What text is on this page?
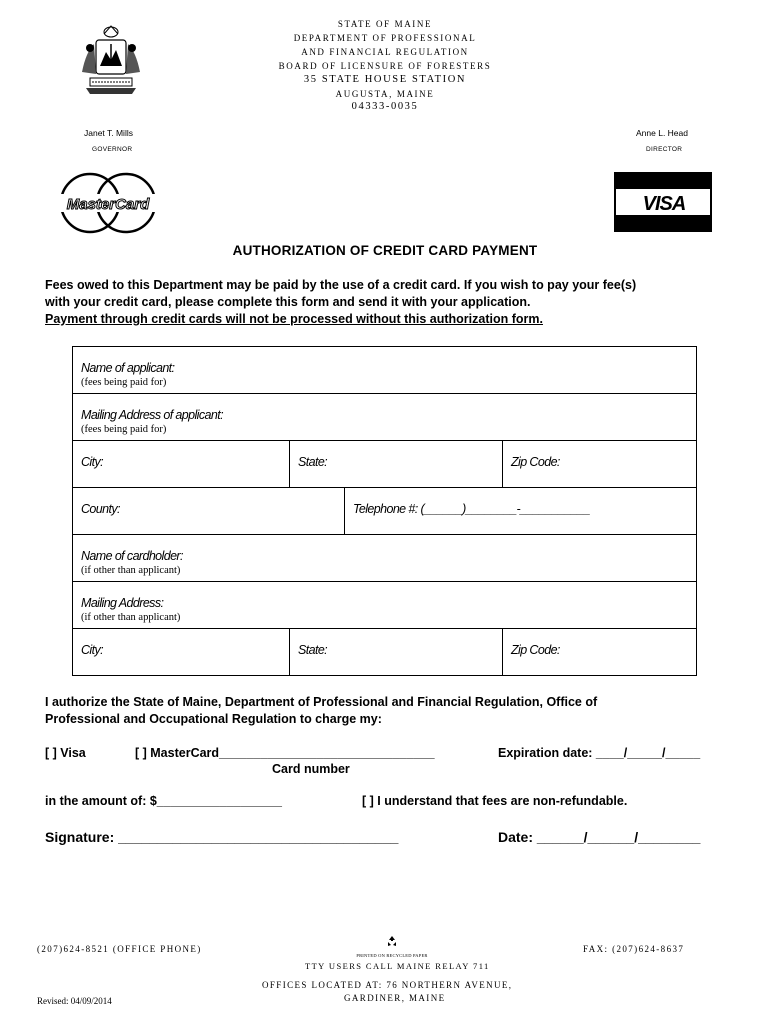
STATE OF MAINE
DEPARTMENT OF PROFESSIONAL
AND FINANCIAL REGULATION
BOARD OF LICENSURE OF FORESTERS
35 STATE HOUSE STATION
AUGUSTA, MAINE
04333-0035
Janet T. Mills
GOVERNOR
Anne L. Head
DIRECTOR
MasterCard	VISA
AUTHORIZATION OF CREDIT CARD PAYMENT
Fees owed to this Department may be paid by the use of a credit card. If you wish to pay your fee(s)
with your credit card, please complete this form and send it with your application.
Payment through credit cards will not be processed without this authorization form.
Name of applicant:
(fees being paid for)
Mailing Address of applicant:
(fees being paid for)
City:	State:	Zip Code:
County:	Telephone #: (______)________-___________
Name of cardholder:
(if other than applicant)
Mailing Address:
(if other than applicant)
City:	State:	Zip Code:
I authorize the State of Maine, Department of Professional and Financial Regulation, Office of
Professional and Occupational Regulation to charge my:
[ ] Visa	[ ] MasterCard_______________________________	Expiration date: ____/_____/_____
Card number
in the amount of: $__________________	[ ] I understand that fees are non-refundable.
Signature: ____________________________________	Date: ______/______/________
(207)624-8521 (OFFICE PHONE)
PRINTED ON RECYCLED PAPER
TTY USERS CALL MAINE RELAY 711
FAX: (207)624-8637
OFFICES LOCATED AT: 76 NORTHERN AVENUE,
GARDINER, MAINE
Revised: 04/09/2014
